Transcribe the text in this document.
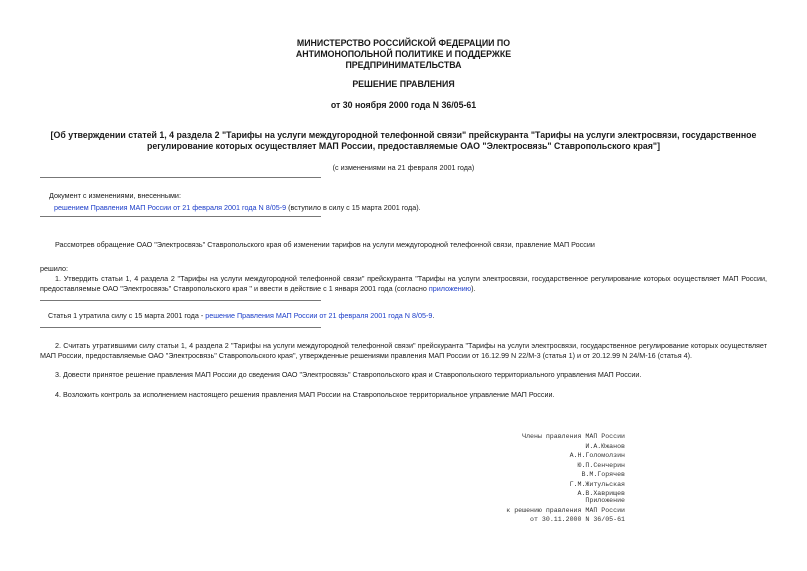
МИНИСТЕРСТВО РОССИЙСКОЙ ФЕДЕРАЦИИ ПО
АНТИМОНОПОЛЬНОЙ ПОЛИТИКЕ И ПОДДЕРЖКЕ
ПРЕДПРИНИМАТЕЛЬСТВА
РЕШЕНИЕ ПРАВЛЕНИЯ
от 30 ноября 2000 года N 36/05-61
[Об утверждении статей 1, 4 раздела 2 "Тарифы на услуги междугородной телефонной связи" прейскуранта "Тарифы на услуги электросвязи, государственное регулирование которых осуществляет МАП России, предоставляемые ОАО "Электросвязь" Ставропольского края"]
(с изменениями на 21 февраля 2001 года)
Документ с изменениями, внесенными:
решением Правления МАП России от 21 февраля 2001 года N 8/05-9 (вступило в силу с 15 марта 2001 года).
Рассмотрев обращение ОАО "Электросвязь" Ставропольского края об изменении тарифов на услуги междугородной телефонной связи, правление МАП России
решило:
1. Утвердить статьи 1, 4 раздела 2 "Тарифы на услуги междугородной телефонной связи" прейскуранта "Тарифы на услуги электросвязи, государственное регулирование которых осуществляет МАП России, предоставляемые ОАО "Электросвязь" Ставропольского края " и ввести в действие с 1 января 2001 года (согласно приложению).
Статья 1 утратила силу с 15 марта 2001 года - решение Правления МАП России от 21 февраля 2001 года N 8/05-9.
2. Считать утратившими силу статьи 1, 4 раздела 2 "Тарифы на услуги междугородной телефонной связи" прейскуранта "Тарифы на услуги электросвязи, государственное регулирование которых осуществляет МАП России, предоставляемые ОАО "Электросвязь" Ставропольского края", утвержденные решениями правления МАП России от 16.12.99 N 22/М-3 (статья 1) и от 20.12.99 N 24/М-16 (статья 4).
3. Довести принятое решение правления МАП России до сведения ОАО "Электросвязь" Ставропольского края и Ставропольского территориального управления МАП России.
4. Возложить контроль за исполнением настоящего решения правления МАП России на Ставропольское территориальное управление МАП России.
Члены правления МАП России
И.А.Южанов
А.Н.Голомолзин
Ю.П.Сенчерин
В.М.Горячев
Г.М.Житульская
А.В.Хаврищев
Приложение
к решению правления МАП России
от 30.11.2000 N 36/05-61
